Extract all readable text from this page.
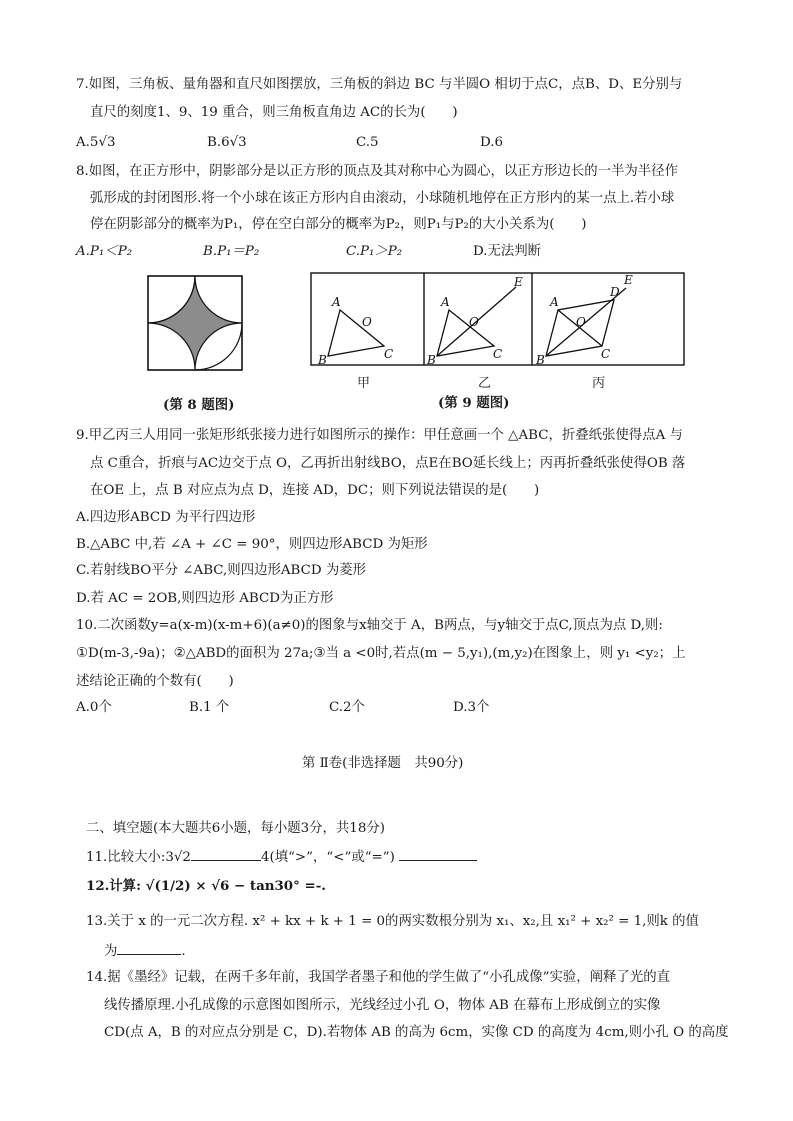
7.如图，三角板、量角器和直尺如图摆放，三角板的斜边 BC 与半圆O 相切于点C，点B、D、E分别与
直尺的刻度1、9、19 重合，则三角板直角边 AC的长为(　　)
A.5√3	B.6√3	C.5	D.6
8.如图，在正方形中，阴影部分是以正方形的顶点及其对称中心为圆心，以正方形边长的一半为半径作
弧形成的封闭图形.将一个小球在该正方形内自由滚动，小球随机地停在正方形内的某一点上.若小球
停在阴影部分的概率为P₁，停在空白部分的概率为P₂，则P₁与P₂的大小关系为(　　)
A.P₁＜P₂	B.P₁＝P₂	C.P₁＞P₂	D.无法判断
(第 8 题图)
A
B	C
O
A
B	C
O
E
A
B	C
O
D
E
甲	乙	丙
(第 9 题图)
9.甲乙丙三人用同一张矩形纸张接力进行如图所示的操作：甲任意画一个 △ABC，折叠纸张使得点A 与
点 C重合，折痕与AC边交于点 O，乙再折出射线BO，点E在BO延长线上；丙再折叠纸张使得OB 落
在OE 上，点 B 对应点为点 D，连接 AD，DC；则下列说法错误的是(　　)
A.四边形ABCD 为平行四边形
B.△ABC 中,若 ∠A + ∠C = 90°，则四边形ABCD 为矩形
C.若射线BO平分 ∠ABC,则四边形ABCD 为菱形
D.若 AC = 2OB,则四边形 ABCD为正方形
10.二次函数y=a(x-m)(x-m+6)(a≠0)的图象与x轴交于 A，B两点，与y轴交于点C,顶点为点 D,则:
①D(m-3,-9a)；②△ABD的面积为 27a;③当 a <0时,若点(m − 5,y₁),(m,y₂)在图象上，则 y₁ <y₂；上
述结论正确的个数有(　　)
A.0个	B.1 个	C.2个	D.3个
第 Ⅱ卷(非选择题　共90分)
二、填空题(本大题共6小题，每小题3分，共18分)
11.比较大小:3√2	4(填“>”，“<”或“=”)
12.计算: √(1/2) × √6 − tan30° =-.
13.关于 x 的一元二次方程. x² + kx + k + 1 = 0的两实数根分别为 x₁、x₂,且 x₁² + x₂² = 1,则k 的值
为	.
14.据《墨经》记载，在两千多年前，我国学者墨子和他的学生做了“小孔成像”实验，阐释了光的直
线传播原理.小孔成像的示意图如图所示，光线经过小孔 O，物体 AB 在幕布上形成倒立的实像
CD(点 A，B 的对应点分别是 C，D).若物体 AB 的高为 6cm，实像 CD 的高度为 4cm,则小孔 O 的高度
